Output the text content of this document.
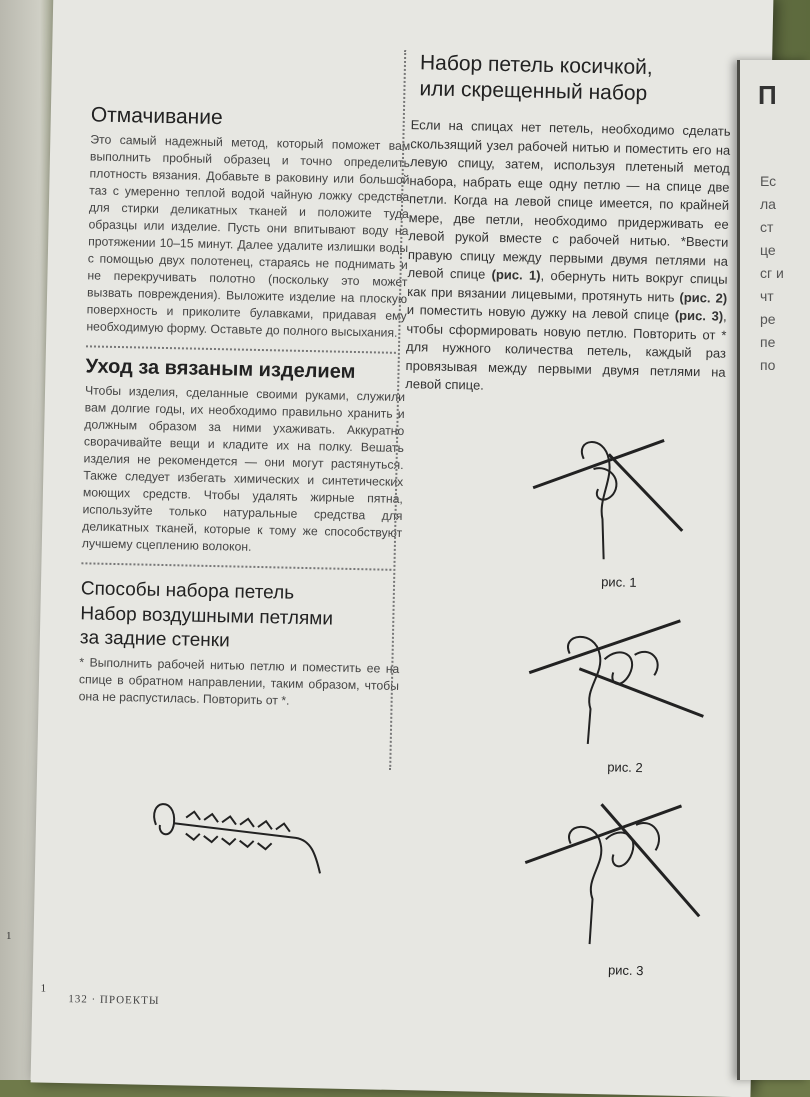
Отмачивание

Это самый надежный метод, который поможет вам выполнить пробный образец и точно определить плотность вязания. Добавьте в раковину или большой таз с умеренно теплой водой чайную ложку средства для стирки деликатных тканей и положите туда образцы или изделие. Пусть они впитывают воду на протяжении 10–15 минут. Далее удалите излишки воды с помощью двух полотенец, стараясь не поднимать и не перекручивать полотно (поскольку это может вызвать повреждения). Выложите изделие на плоскую поверхность и приколите булавками, придавая ему необходимую форму. Оставьте до полного высыхания.

Уход за вязаным изделием

Чтобы изделия, сделанные своими руками, служили вам долгие годы, их необходимо правильно хранить и должным образом за ними ухаживать. Аккуратно сворачивайте вещи и кладите их на полку. Вешать изделия не рекомендется — они могут растянуться. Также следует избегать химических и синтетических моющих средств. Чтобы удалять жирные пятна, используйте только натуральные средства для деликатных тканей, которые к тому же способствуют лучшему сцеплению волокон.

Способы набора петель
Набор воздушными петлями
за задние стенки

* Выполнить рабочей нитью петлю и поместить ее на спице в обратном направлении, таким образом, чтобы она не распустилась. Повторить от *.

Набор петель косичкой,
или скрещенный набор

Если на спицах нет петель, необходимо сделать скользящий узел рабочей нитью и поместить его на левую спицу, затем, используя плетеный метод набора, набрать еще одну петлю — на спице две петли. Когда на левой спице имеется, по крайней мере, две петли, необходимо придерживать ее левой рукой вместе с рабочей нитью. *Ввести правую спицу между первыми двумя петлями на левой спице (рис. 1), обернуть нить вокруг спицы как при вязании лицевыми, протянуть нить (рис. 2) и поместить новую дужку на левой спице (рис. 3), чтобы сформировать новую петлю. Повторить от * для нужного количества петель, каждый раз провязывая между первыми двумя петлями на левой спице.

рис. 1
рис. 2
рис. 3
132 · ПРОЕКТЫ
1
1
П
Ес ла ст це сг и чт ре пе по
